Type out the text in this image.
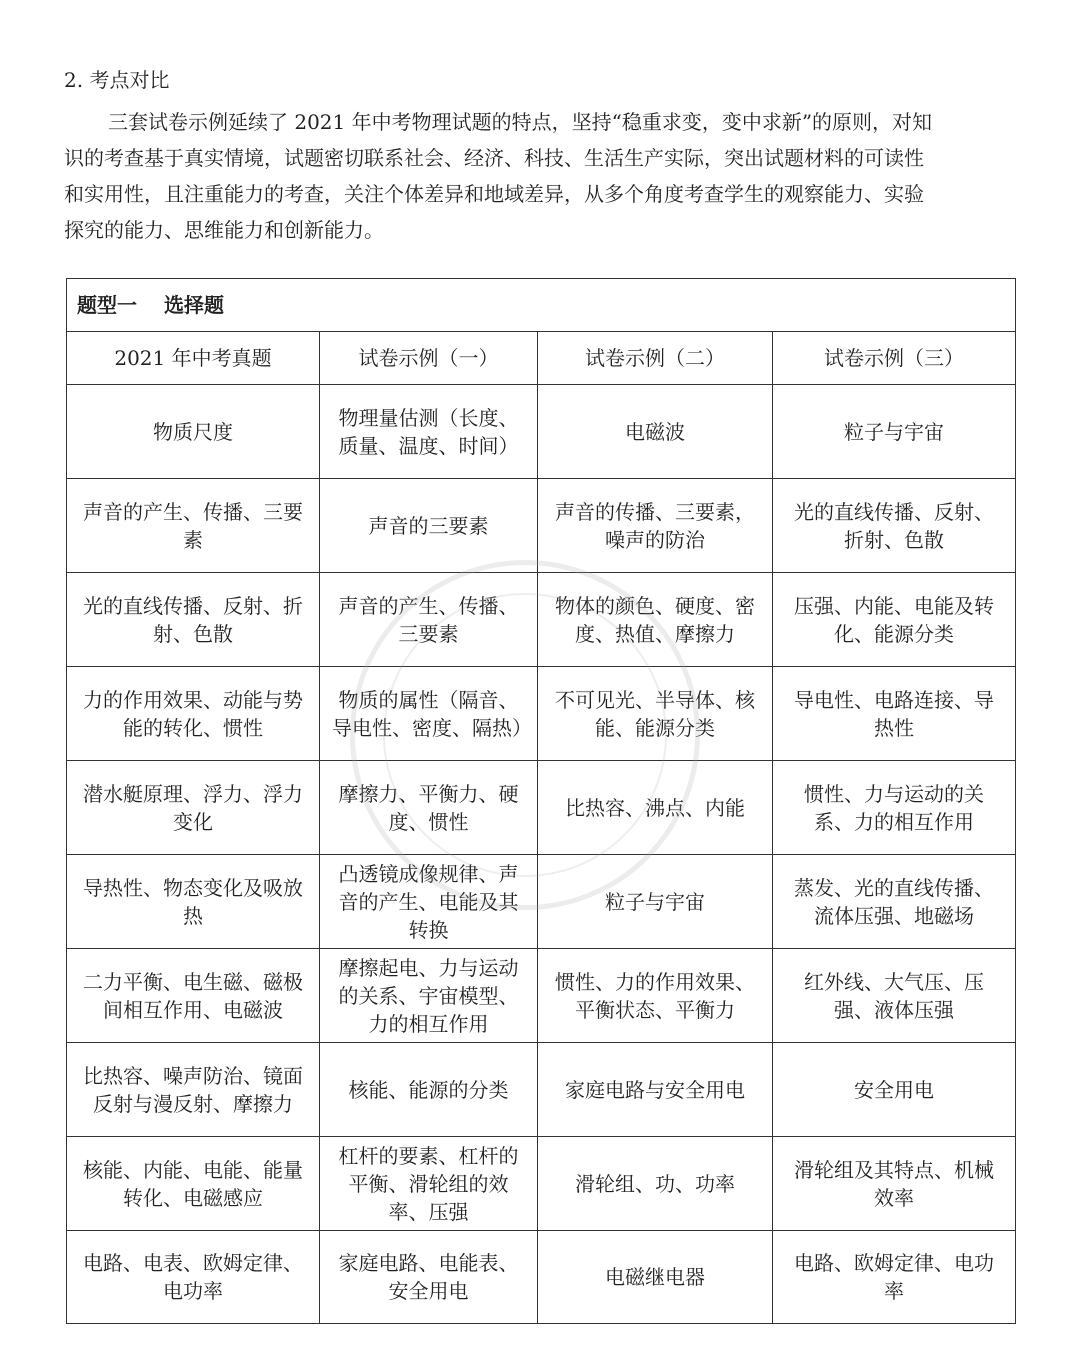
2. 考点对比
三套试卷示例延续了 2021 年中考物理试题的特点，坚持“稳重求变，变中求新”的原则，对知
识的考查基于真实情境，试题密切联系社会、经济、科技、生活生产实际，突出试题材料的可读性
和实用性，且注重能力的考查，关注个体差异和地域差异，从多个角度考查学生的观察能力、实验
探究的能力、思维能力和创新能力。
题型一　 选择题			
2021 年中考真题	试卷示例（一）	试卷示例（二）	试卷示例（三）
物质尺度	物理量估测（长度、质量、温度、时间）	电磁波	粒子与宇宙
声音的产生、传播、三要素	声音的三要素	声音的传播、三要素，噪声的防治	光的直线传播、反射、折射、色散
光的直线传播、反射、折射、色散	声音的产生、传播、三要素	物体的颜色、硬度、密度、热值、摩擦力	压强、内能、电能及转化、能源分类
力的作用效果、动能与势能的转化、惯性	物质的属性（隔音、导电性、密度、隔热）	不可见光、半导体、核能、能源分类	导电性、电路连接、导热性
潜水艇原理、浮力、浮力变化	摩擦力、平衡力、硬度、惯性	比热容、沸点、内能	惯性、力与运动的关系、力的相互作用
导热性、物态变化及吸放热	凸透镜成像规律、声音的产生、电能及其转换	粒子与宇宙	蒸发、光的直线传播、流体压强、地磁场
二力平衡、电生磁、磁极间相互作用、电磁波	摩擦起电、力与运动的关系、宇宙模型、力的相互作用	惯性、力的作用效果、平衡状态、平衡力	红外线、大气压、压强、液体压强
比热容、噪声防治、镜面反射与漫反射、摩擦力	核能、能源的分类	家庭电路与安全用电	安全用电
核能、内能、电能、能量转化、电磁感应	杠杆的要素、杠杆的平衡、滑轮组的效率、压强	滑轮组、功、功率	滑轮组及其特点、机械效率
电路、电表、欧姆定律、电功率	家庭电路、电能表、安全用电	电磁继电器	电路、欧姆定律、电功率
